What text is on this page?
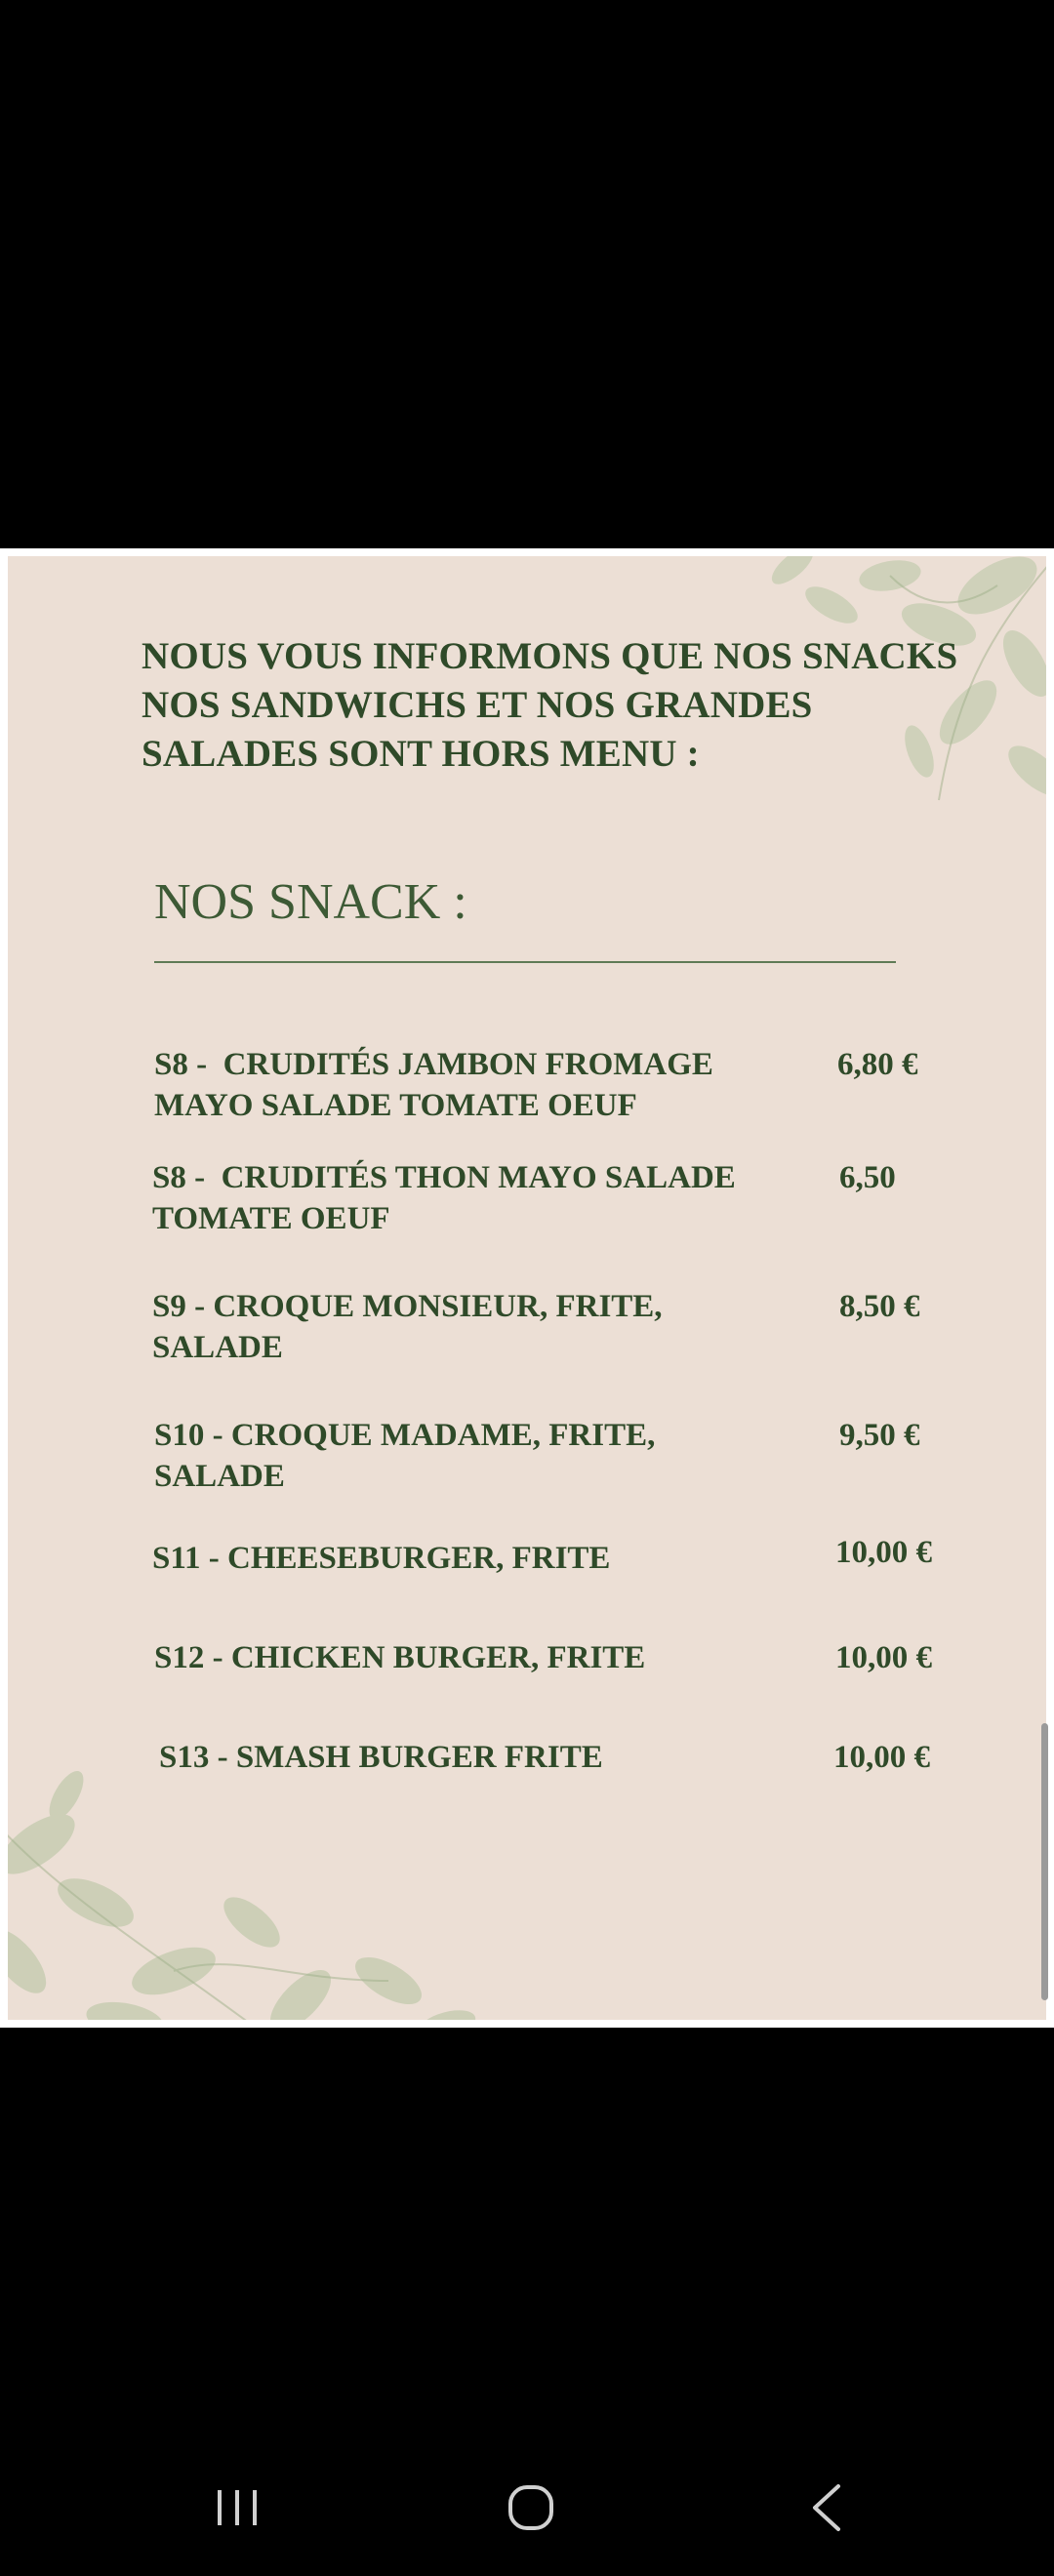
NOUS VOUS INFORMONS QUE NOS SNACKS NOS SANDWICHS ET NOS GRANDES SALADES SONT HORS MENU :
NOS SNACK :
S8 -  CRUDITÉS JAMBON FROMAGE
MAYO SALADE TOMATE OEUF
6,80 €
S8 -  CRUDITÉS THON MAYO SALADE
TOMATE OEUF
6,50
S9 - CROQUE MONSIEUR, FRITE,
SALADE
8,50 €
S10 - CROQUE MADAME, FRITE,
SALADE
9,50 €
S11 - CHEESEBURGER, FRITE	10,00 €
S12 - CHICKEN BURGER, FRITE	10,00 €
S13 - SMASH BURGER FRITE	10,00 €
